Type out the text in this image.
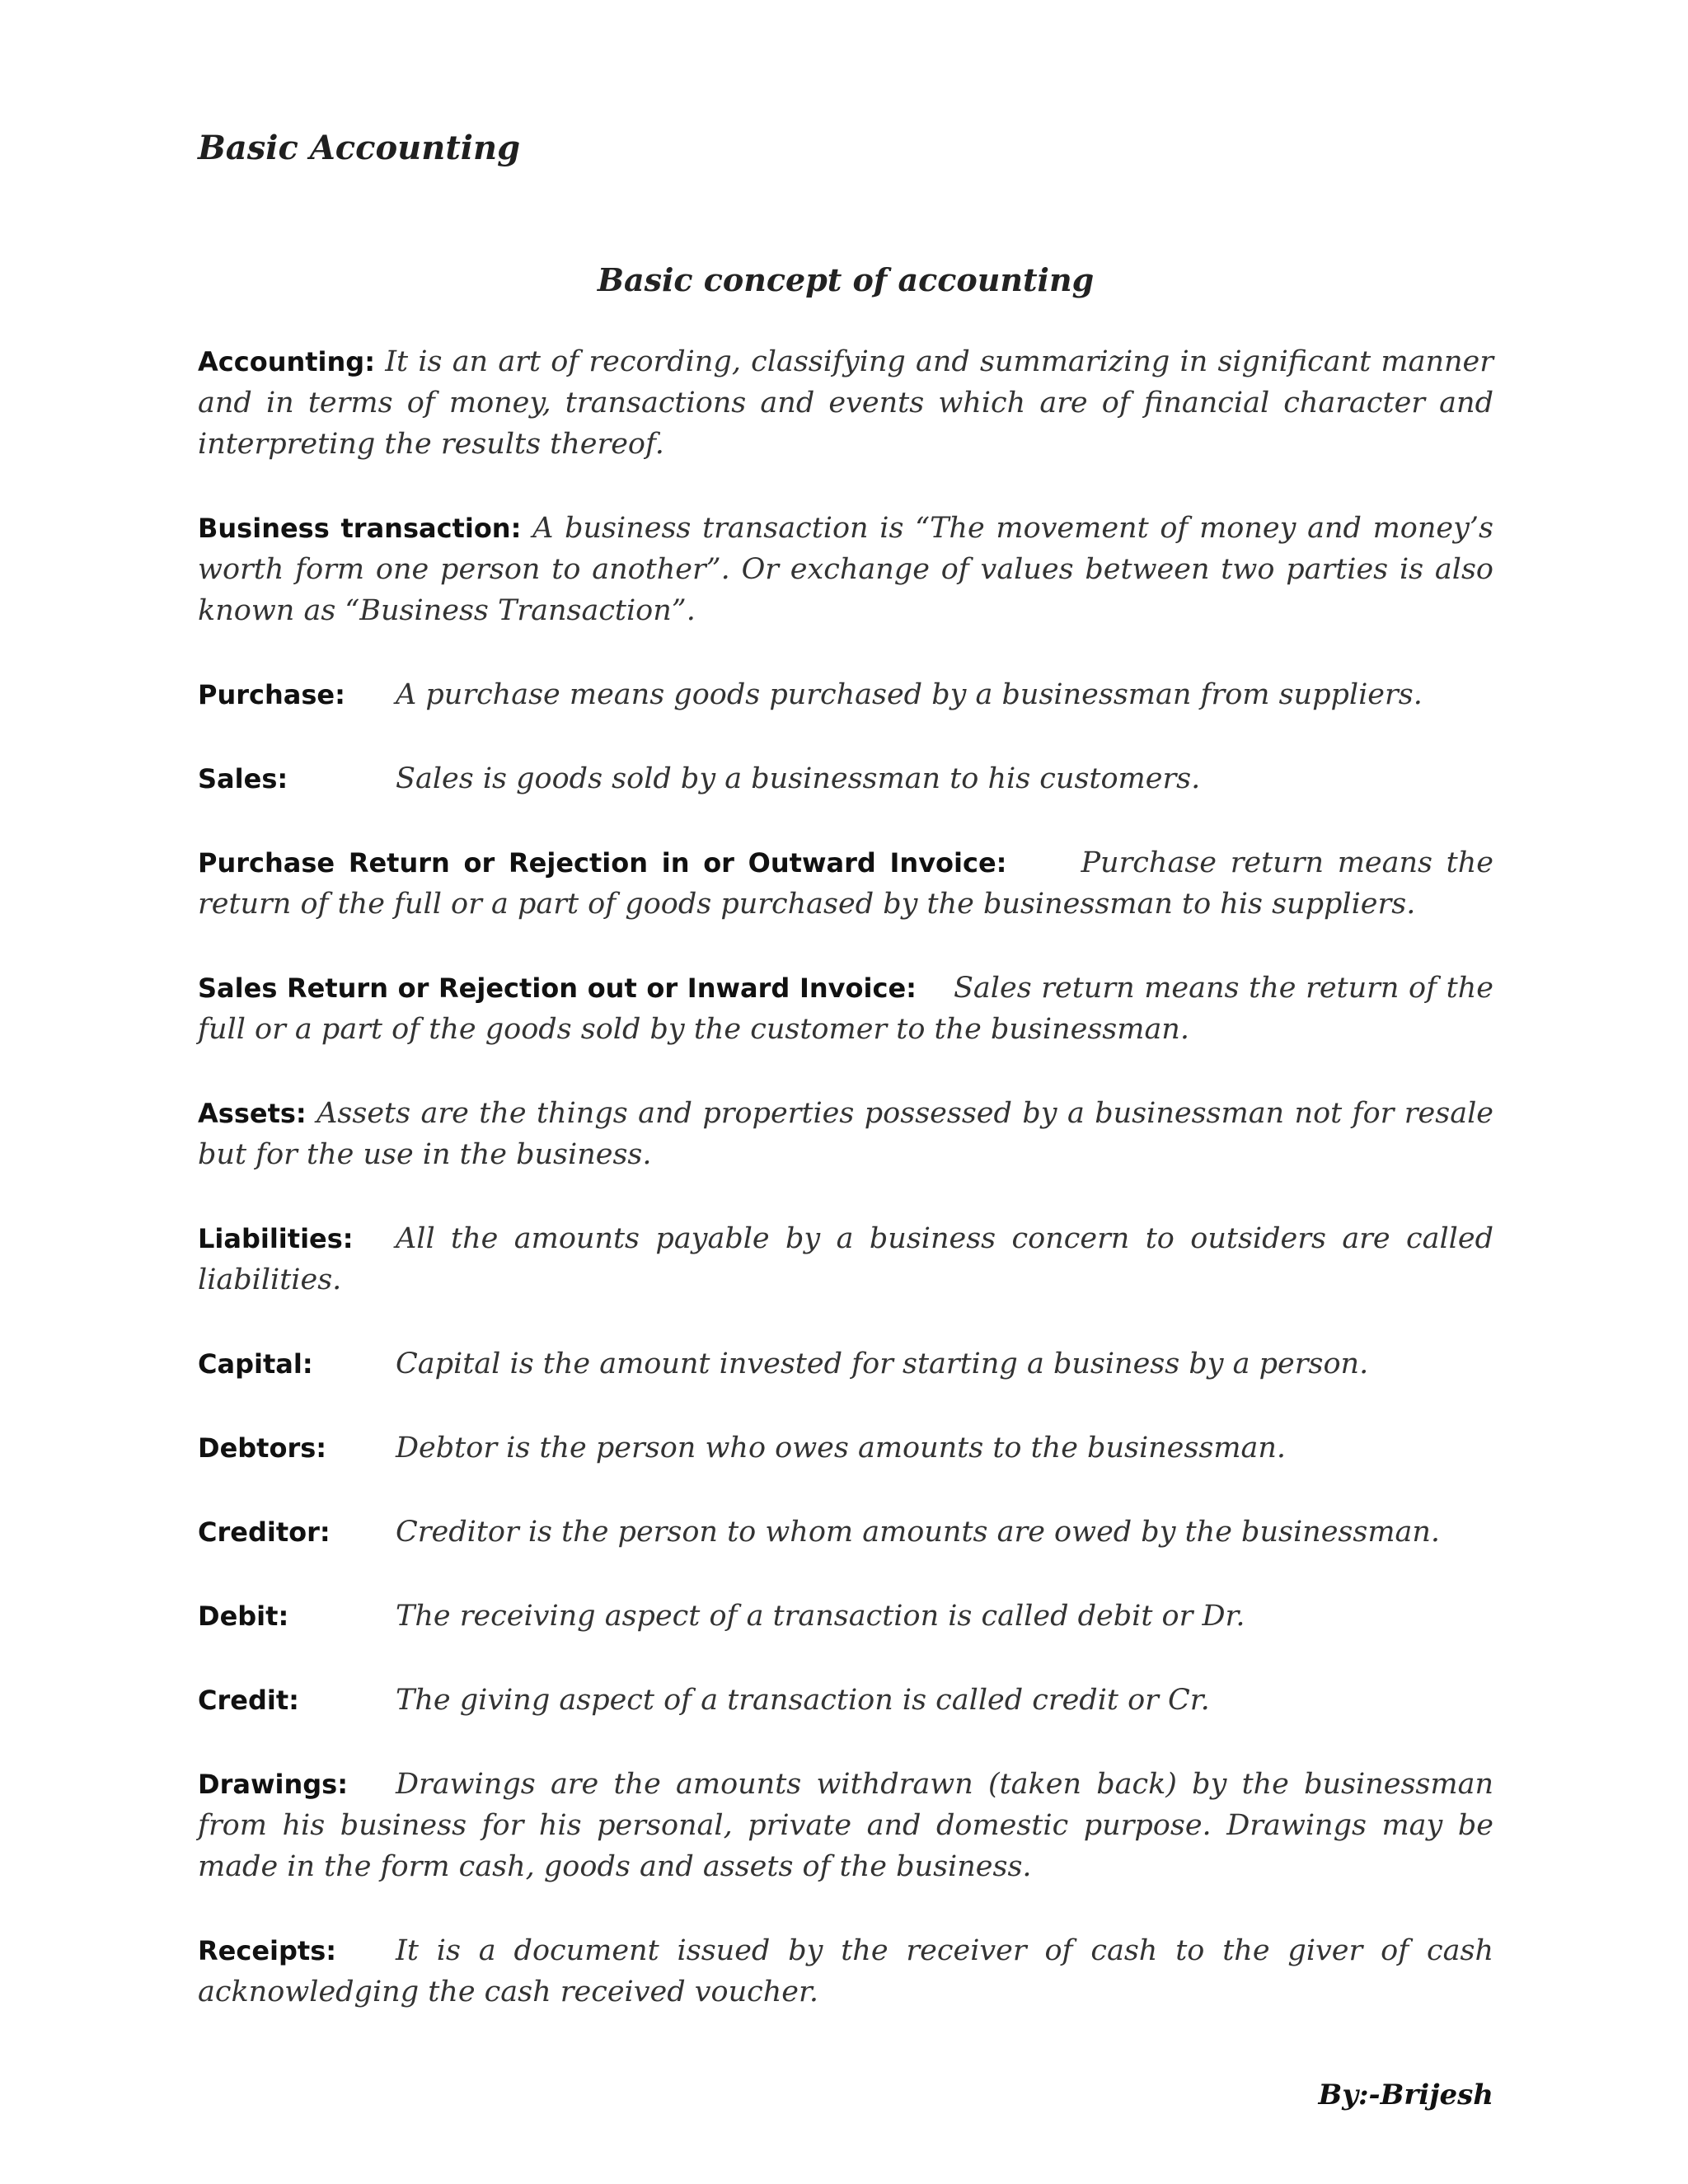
Basic Accounting
Basic concept of accounting

Accounting: It is an art of recording, classifying and summarizing in significant manner and in terms of money, transactions and events which are of financial character and interpreting the results thereof.

Business transaction: A business transaction is “The movement of money and money’s worth form one person to another”. Or exchange of values between two parties is also known as “Business Transaction”.

Purchase: A purchase means goods purchased by a businessman from suppliers.

Sales:	Sales is goods sold by a businessman to his customers.

Purchase Return or Rejection in or Outward Invoice:	Purchase return means the return of the full or a part of goods purchased by the businessman to his suppliers.

Sales Return or Rejection out or Inward Invoice: Sales return means the return of the full or a part of the goods sold by the customer to the businessman.

Assets: Assets are the things and properties possessed by a businessman not for resale but for the use in the business.

Liabilities: All the amounts payable by a business concern to outsiders are called liabilities.

Capital:	Capital is the amount invested for starting a business by a person.

Debtors: Debtor is the person who owes amounts to the businessman.

Creditor: Creditor is the person to whom amounts are owed by the businessman.

Debit:	The receiving aspect of a transaction is called debit or Dr.

Credit:	The giving aspect of a transaction is called credit or Cr.

Drawings: Drawings are the amounts withdrawn (taken back) by the businessman from his business for his personal, private and domestic purpose. Drawings may be made in the form cash, goods and assets of the business.

Receipts: It is a document issued by the receiver of cash to the giver of cash acknowledging the cash received voucher.

By:-Brijesh
